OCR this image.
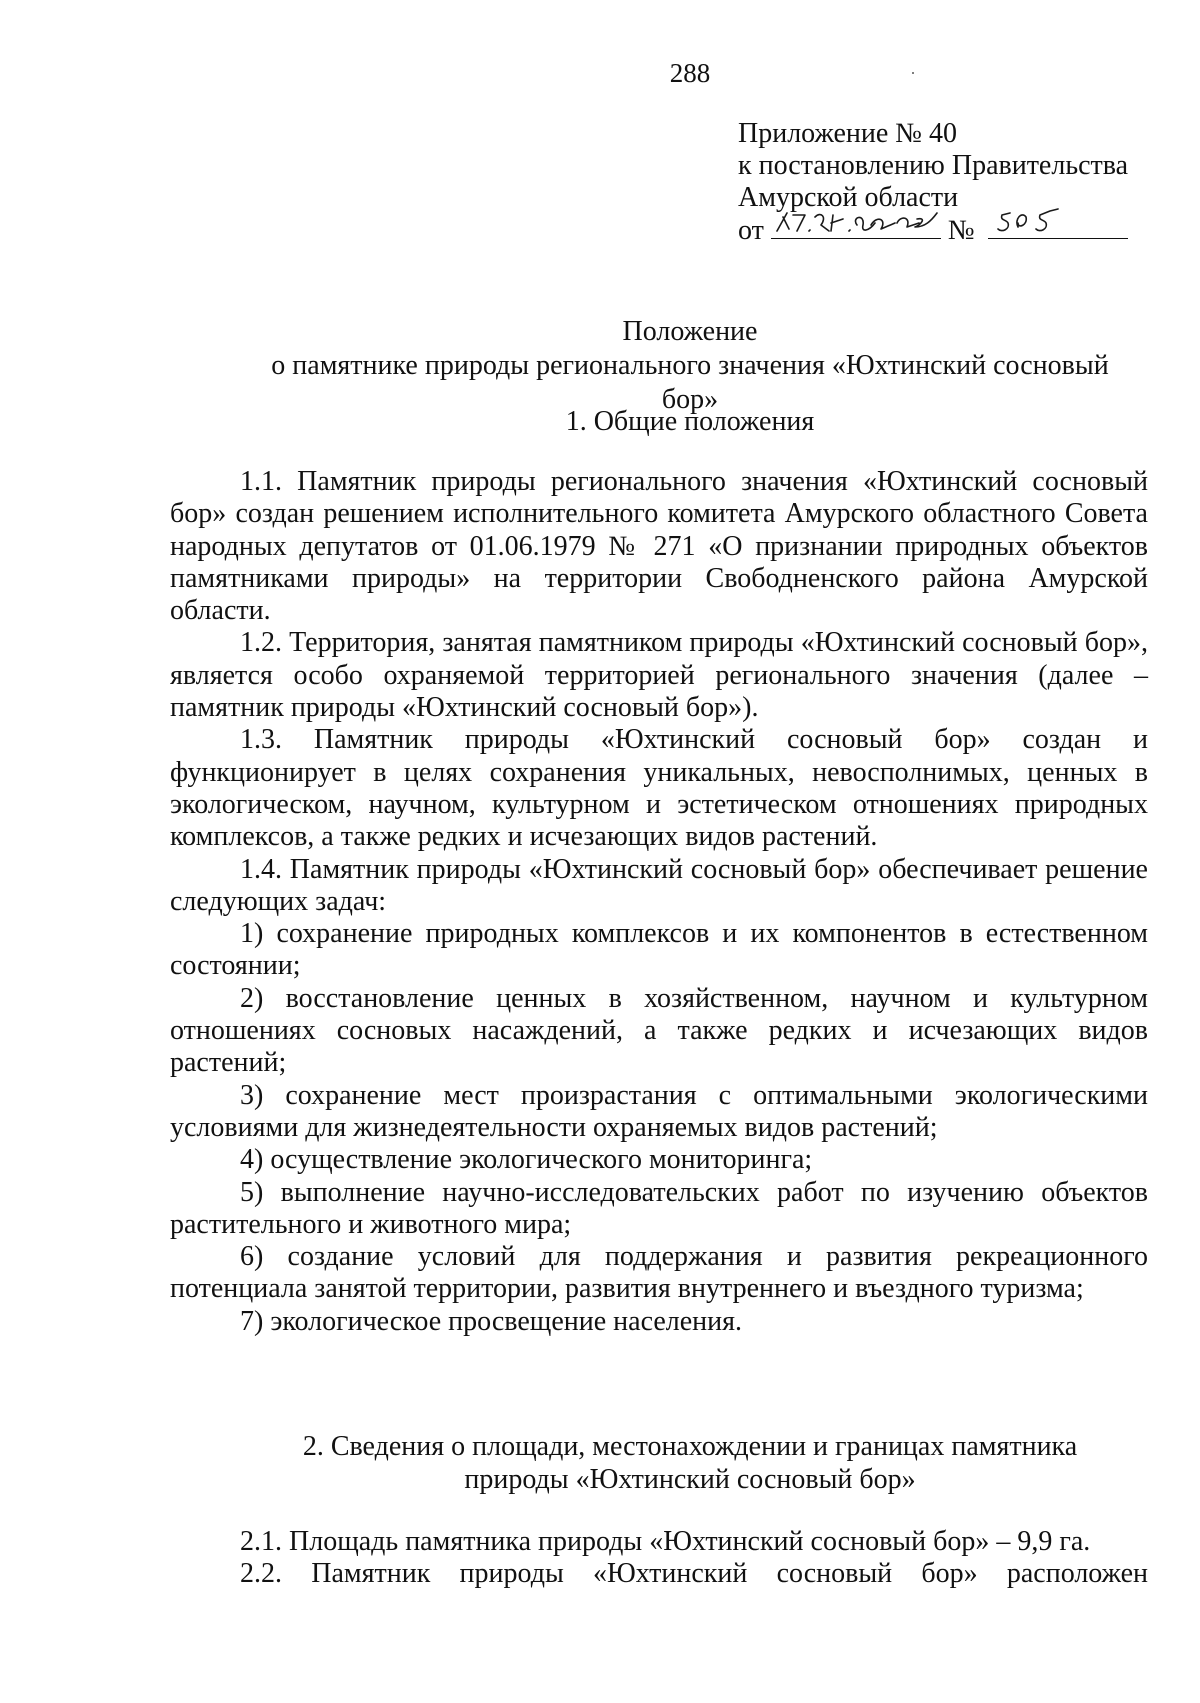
288
Приложение № 40
к постановлению Правительства
Амурской области
от	№
Положение
о памятнике природы регионального значения «Юхтинский сосновый
бор»
1. Общие положения

1.1. Памятник природы регионального значения «Юхтинский сосновый бор» создан решением исполнительного комитета Амурского областного Совета народных депутатов от 01.06.1979 № 271 «О признании природных объектов памятниками природы» на территории Свободненского района Амурской области.

1.2. Территория, занятая памятником природы «Юхтинский сосновый бор», является особо охраняемой территорией регионального значения (далее – памятник природы «Юхтинский сосновый бор»).

1.3. Памятник природы «Юхтинский сосновый бор» создан и функционирует в целях сохранения уникальных, невосполнимых, ценных в экологическом, научном, культурном и эстетическом отношениях природных комплексов, а также редких и исчезающих видов растений.

1.4. Памятник природы «Юхтинский сосновый бор» обеспечивает решение следующих задач:

1) сохранение природных комплексов и их компонентов в естественном состоянии;

2) восстановление ценных в хозяйственном, научном и культурном отношениях сосновых насаждений, а также редких и исчезающих видов растений;

3) сохранение мест произрастания с оптимальными экологическими условиями для жизнедеятельности охраняемых видов растений;

4) осуществление экологического мониторинга;

5) выполнение научно-исследовательских работ по изучению объектов растительного и животного мира;

6) создание условий для поддержания и развития рекреационного потенциала занятой территории, развития внутреннего и въездного туризма;

7) экологическое просвещение населения.

2. Сведения о площади, местонахождении и границах памятника
природы «Юхтинский сосновый бор»

2.1. Площадь памятника природы «Юхтинский сосновый бор» – 9,9 га.

2.2. Памятник природы «Юхтинский сосновый бор» расположен
